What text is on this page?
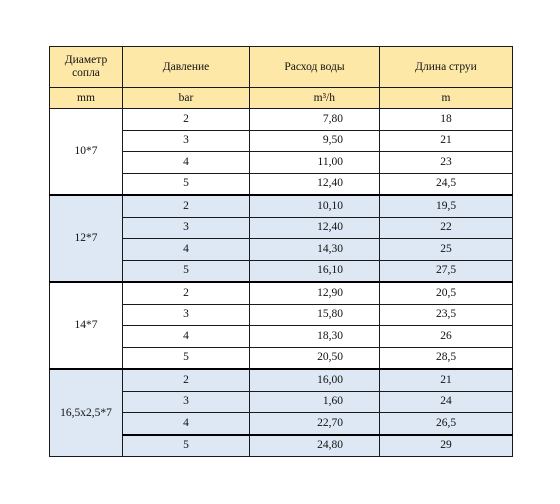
Диаметр сопла	Давление	Расход воды	Длина струи
mm	bar	m³/h	m
10*7	2	7,80	18
	3	9,50	21
	4	11,00	23
	5	12,40	24,5
12*7	2	10,10	19,5
	3	12,40	22
	4	14,30	25
	5	16,10	27,5
14*7	2	12,90	20,5
	3	15,80	23,5
	4	18,30	26
	5	20,50	28,5
16,5x2,5*7	2	16,00	21
	3	1,60	24
	4	22,70	26,5
	5	24,80	29
